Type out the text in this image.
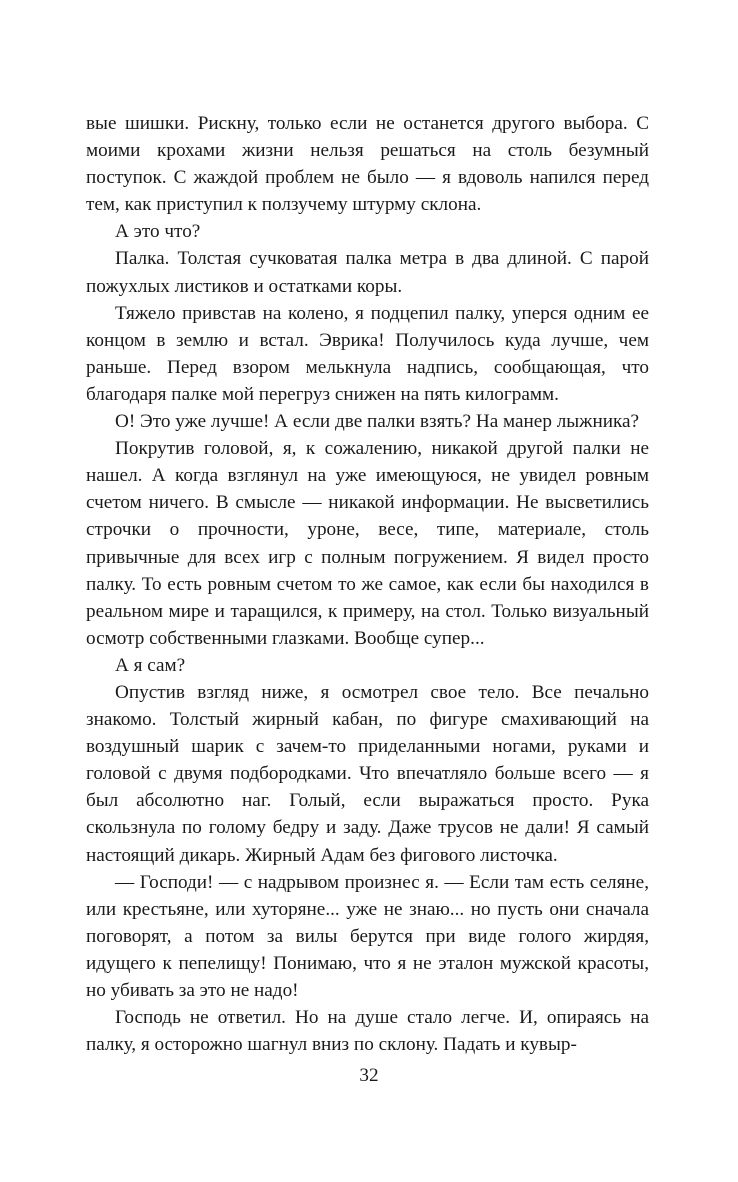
вые шишки. Рискну, только если не останется другого выбора. С моими крохами жизни нельзя решаться на столь безумный поступок. С жаждой проблем не было — я вдоволь напился перед тем, как приступил к ползучему штурму склона.

А это что?

Палка. Толстая сучковатая палка метра в два длиной. С парой пожухлых листиков и остатками коры.

Тяжело привстав на колено, я подцепил палку, уперся одним ее концом в землю и встал. Эврика! Получилось куда лучше, чем раньше. Перед взором мелькнула надпись, сообщающая, что благодаря палке мой перегруз снижен на пять килограмм.

О! Это уже лучше! А если две палки взять? На манер лыжника?

Покрутив головой, я, к сожалению, никакой другой палки не нашел. А когда взглянул на уже имеющуюся, не увидел ровным счетом ничего. В смысле — никакой информации. Не высветились строчки о прочности, уроне, весе, типе, материале, столь привычные для всех игр с полным погружением. Я видел просто палку. То есть ровным счетом то же самое, как если бы находился в реальном мире и таращился, к примеру, на стол. Только визуальный осмотр собственными глазками. Вообще супер...

А я сам?

Опустив взгляд ниже, я осмотрел свое тело. Все печально знакомо. Толстый жирный кабан, по фигуре смахивающий на воздушный шарик с зачем-то приделанными ногами, руками и головой с двумя подбородками. Что впечатляло больше всего — я был абсолютно наг. Голый, если выражаться просто. Рука скользнула по голому бедру и заду. Даже трусов не дали! Я самый настоящий дикарь. Жирный Адам без фигового листочка.

— Господи! — с надрывом произнес я. — Если там есть селяне, или крестьяне, или хуторяне... уже не знаю... но пусть они сначала поговорят, а потом за вилы берутся при виде голого жирдяя, идущего к пепелищу! Понимаю, что я не эталон мужской красоты, но убивать за это не надо!

Господь не ответил. Но на душе стало легче. И, опираясь на палку, я осторожно шагнул вниз по склону. Падать и кувыр-

32
